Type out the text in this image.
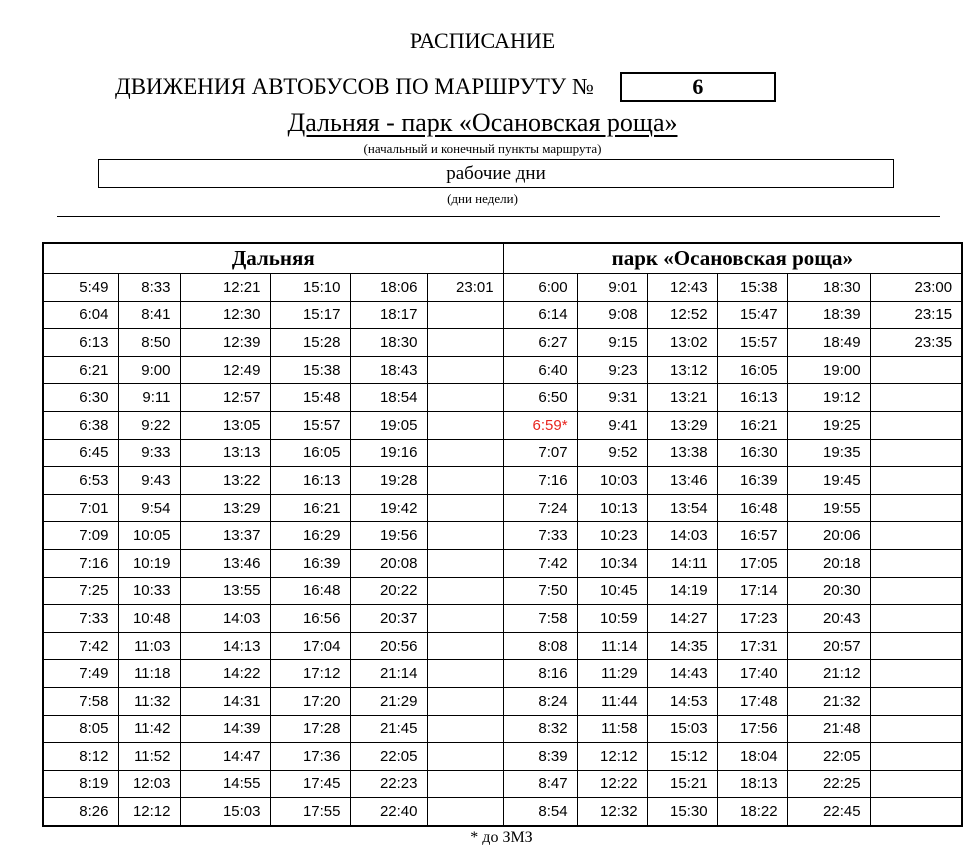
РАСПИСАНИЕ
ДВИЖЕНИЯ АВТОБУСОВ ПО МАРШРУТУ №	6
Дальняя - парк «Осановская роща»
(начальный и конечный пункты маршрута)
рабочие дни
(дни недели)
Дальняя						парк «Осановская роща»					
5:49	8:33	12:21	15:10	18:06	23:01	6:00	9:01	12:43	15:38	18:30	23:00
6:04	8:41	12:30	15:17	18:17		6:14	9:08	12:52	15:47	18:39	23:15
6:13	8:50	12:39	15:28	18:30		6:27	9:15	13:02	15:57	18:49	23:35
6:21	9:00	12:49	15:38	18:43		6:40	9:23	13:12	16:05	19:00	
6:30	9:11	12:57	15:48	18:54		6:50	9:31	13:21	16:13	19:12	
6:38	9:22	13:05	15:57	19:05		6:59*	9:41	13:29	16:21	19:25	
6:45	9:33	13:13	16:05	19:16		7:07	9:52	13:38	16:30	19:35	
6:53	9:43	13:22	16:13	19:28		7:16	10:03	13:46	16:39	19:45	
7:01	9:54	13:29	16:21	19:42		7:24	10:13	13:54	16:48	19:55	
7:09	10:05	13:37	16:29	19:56		7:33	10:23	14:03	16:57	20:06	
7:16	10:19	13:46	16:39	20:08		7:42	10:34	14:11	17:05	20:18	
7:25	10:33	13:55	16:48	20:22		7:50	10:45	14:19	17:14	20:30	
7:33	10:48	14:03	16:56	20:37		7:58	10:59	14:27	17:23	20:43	
7:42	11:03	14:13	17:04	20:56		8:08	11:14	14:35	17:31	20:57	
7:49	11:18	14:22	17:12	21:14		8:16	11:29	14:43	17:40	21:12	
7:58	11:32	14:31	17:20	21:29		8:24	11:44	14:53	17:48	21:32	
8:05	11:42	14:39	17:28	21:45		8:32	11:58	15:03	17:56	21:48	
8:12	11:52	14:47	17:36	22:05		8:39	12:12	15:12	18:04	22:05	
8:19	12:03	14:55	17:45	22:23		8:47	12:22	15:21	18:13	22:25	
8:26	12:12	15:03	17:55	22:40		8:54	12:32	15:30	18:22	22:45	
* до ЗМЗ
